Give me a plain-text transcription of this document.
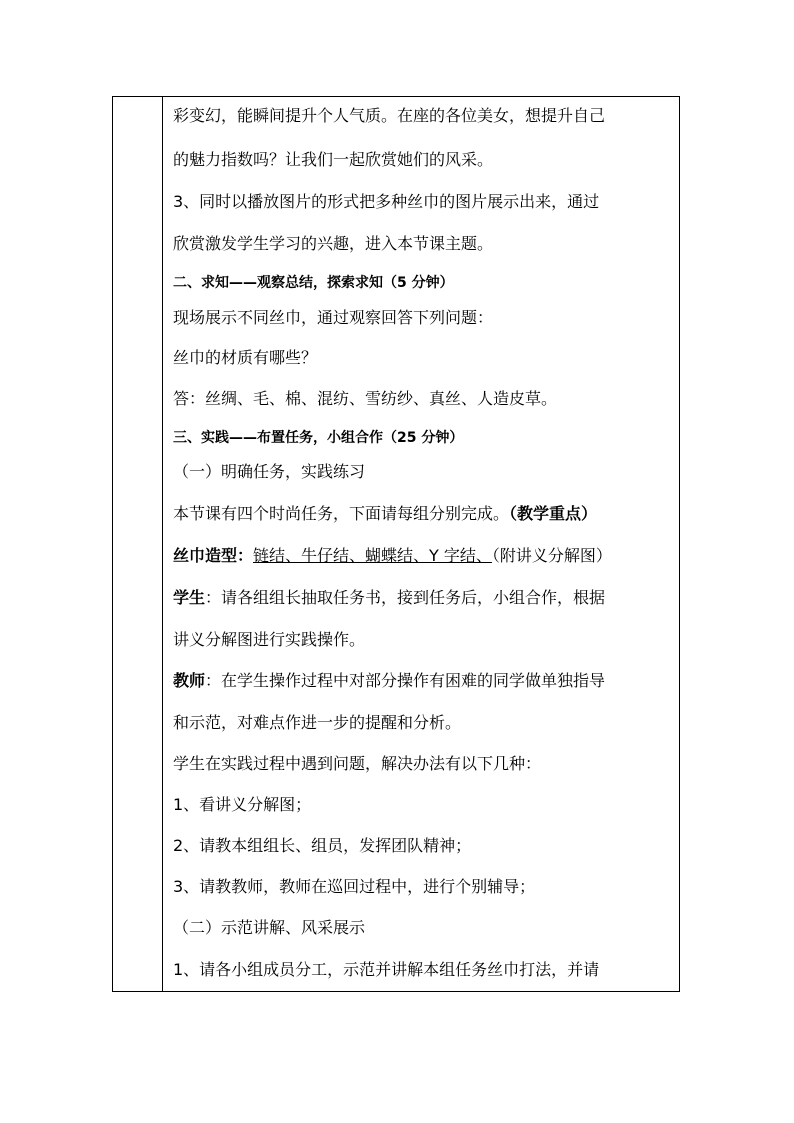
彩变幻，能瞬间提升个人气质。在座的各位美女，想提升自己
的魅力指数吗？让我们一起欣赏她们的风采。
3、同时以播放图片的形式把多种丝巾的图片展示出来，通过
欣赏激发学生学习的兴趣，进入本节课主题。
二、求知——观察总结，探索求知（5 分钟）
现场展示不同丝巾，通过观察回答下列问题：
丝巾的材质有哪些？
答：丝绸、毛、棉、混纺、雪纺纱、真丝、人造皮草。
三、实践——布置任务，小组合作（25 分钟）
（一）明确任务，实践练习
本节课有四个时尚任务，下面请每组分别完成。（教学重点）
丝巾造型：链结、牛仔结、蝴蝶结、Y 字结、（附讲义分解图）
学生：请各组组长抽取任务书，接到任务后，小组合作，根据
讲义分解图进行实践操作。
教师：在学生操作过程中对部分操作有困难的同学做单独指导
和示范，对难点作进一步的提醒和分析。
学生在实践过程中遇到问题，解决办法有以下几种：
1、看讲义分解图；
2、请教本组组长、组员，发挥团队精神；
3、请教教师，教师在巡回过程中，进行个别辅导；
（二）示范讲解、风采展示
1、请各小组成员分工，示范并讲解本组任务丝巾打法，并请
